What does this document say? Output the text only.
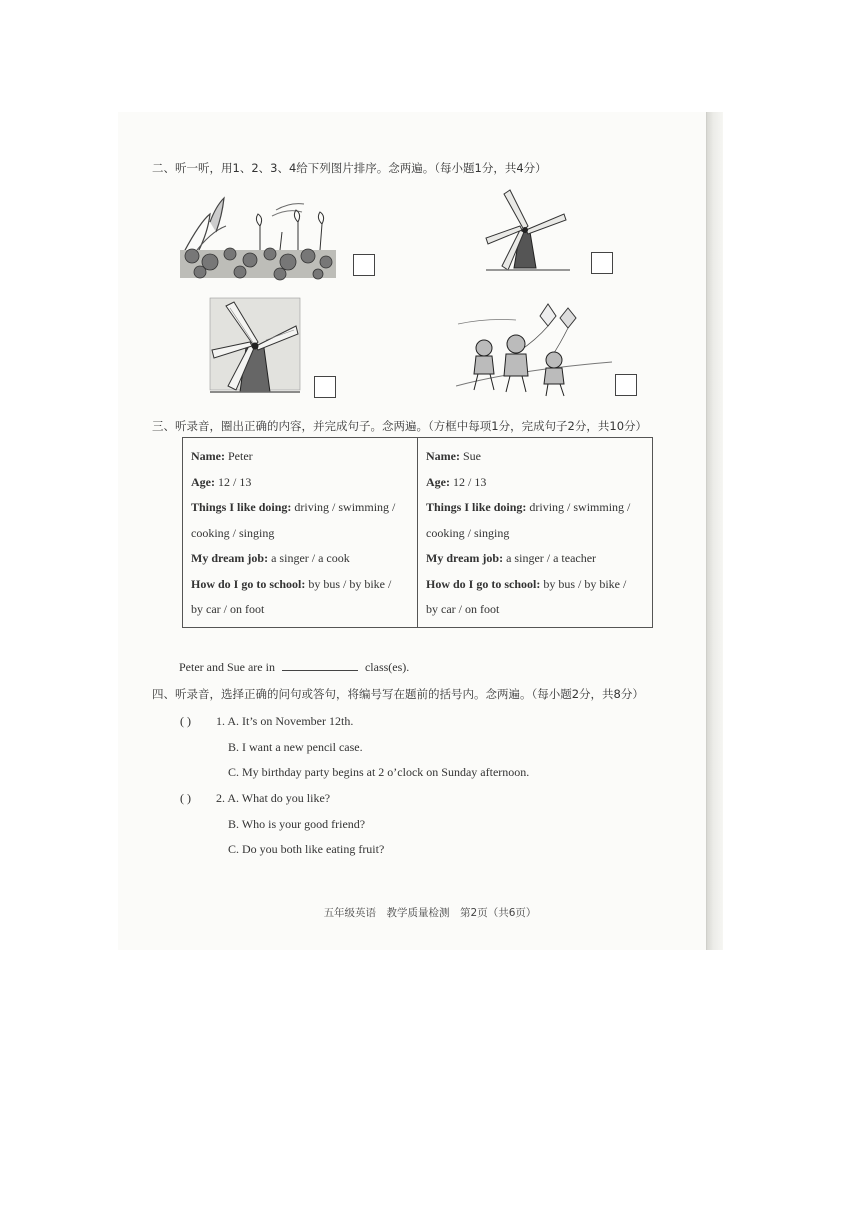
二、听一听，用1、2、3、4给下列图片排序。念两遍。（每小题1分，共4分）
三、听录音，圈出正确的内容，并完成句子。念两遍。（方框中每项1分，完成句子2分，共10分）
Name: Peter
Age: 12 / 13
Things I like doing: driving / swimming /
cooking / singing
My dream job: a singer / a cook
How do I go to school: by bus / by bike /
by car / on foot

Name: Sue
Age: 12 / 13
Things I like doing: driving / swimming /
cooking / singing
My dream job: a singer / a teacher
How do I go to school: by bus / by bike /
by car / on foot
Peter and Sue are in	class(es).
四、听录音，选择正确的问句或答句，将编号写在题前的括号内。念两遍。（每小题2分，共8分）
( )	1. A. It’s on November 12th.
B. I want a new pencil case.
C. My birthday party begins at 2 o’clock on Sunday afternoon.
( )	2. A. What do you like?
B. Who is your good friend?
C. Do you both like eating fruit?
五年级英语　教学质量检测　第2页（共6页）
